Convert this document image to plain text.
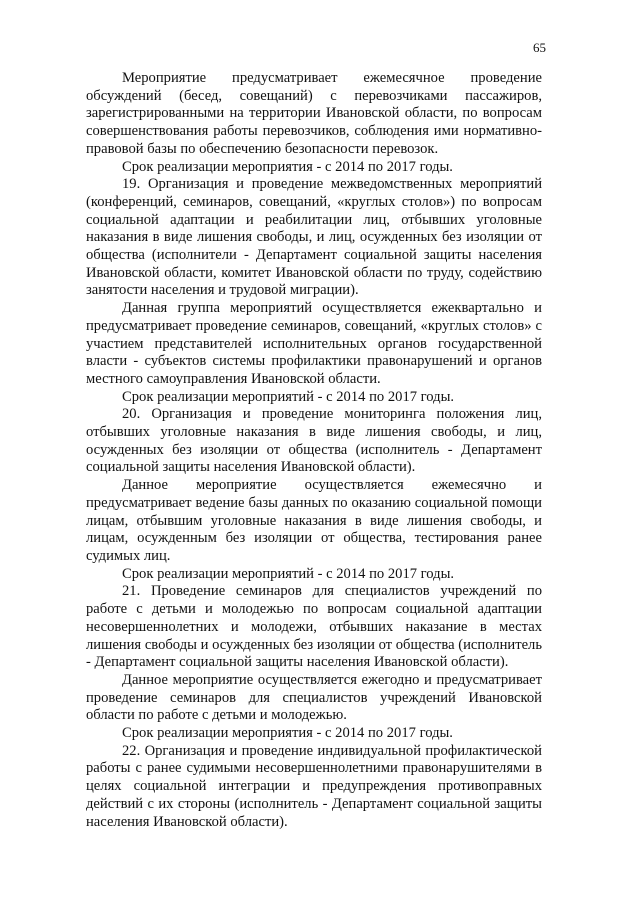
65

Мероприятие предусматривает ежемесячное проведение обсуждений (бесед, совещаний) с перевозчиками пассажиров, зарегистрированными на территории Ивановской области, по вопросам совершенствования работы перевозчиков, соблюдения ими нормативно-правовой базы по обеспечению безопасности перевозок.

Срок реализации мероприятия - с 2014 по 2017 годы.

19. Организация и проведение межведомственных мероприятий (конференций, семинаров, совещаний, «круглых столов») по вопросам социальной адаптации и реабилитации лиц, отбывших уголовные наказания в виде лишения свободы, и лиц, осужденных без изоляции от общества (исполнители - Департамент социальной защиты населения Ивановской области, комитет Ивановской области по труду, содействию занятости населения и трудовой миграции).

Данная группа мероприятий осуществляется ежеквартально и предусматривает проведение семинаров, совещаний, «круглых столов» с участием представителей исполнительных органов государственной власти - субъектов системы профилактики правонарушений и органов местного самоуправления Ивановской области.

Срок реализации мероприятий - с 2014 по 2017 годы.

20. Организация и проведение мониторинга положения лиц, отбывших уголовные наказания в виде лишения свободы, и лиц, осужденных без изоляции от общества (исполнитель - Департамент социальной защиты населения Ивановской области).

Данное мероприятие осуществляется ежемесячно и предусматривает ведение базы данных по оказанию социальной помощи лицам, отбывшим уголовные наказания в виде лишения свободы, и лицам, осужденным без изоляции от общества, тестирования ранее судимых лиц.

Срок реализации мероприятий - с 2014 по 2017 годы.

21. Проведение семинаров для специалистов учреждений по работе с детьми и молодежью по вопросам социальной адаптации несовершеннолетних и молодежи, отбывших наказание в местах лишения свободы и осужденных без изоляции от общества (исполнитель - Департамент социальной защиты населения Ивановской области).

Данное мероприятие осуществляется ежегодно и предусматривает проведение семинаров для специалистов учреждений Ивановской области по работе с детьми и молодежью.

Срок реализации мероприятия - с 2014 по 2017 годы.

22. Организация и проведение индивидуальной профилактической работы с ранее судимыми несовершеннолетними правонарушителями в целях социальной интеграции и предупреждения противоправных действий с их стороны (исполнитель - Департамент социальной защиты населения Ивановской области).
